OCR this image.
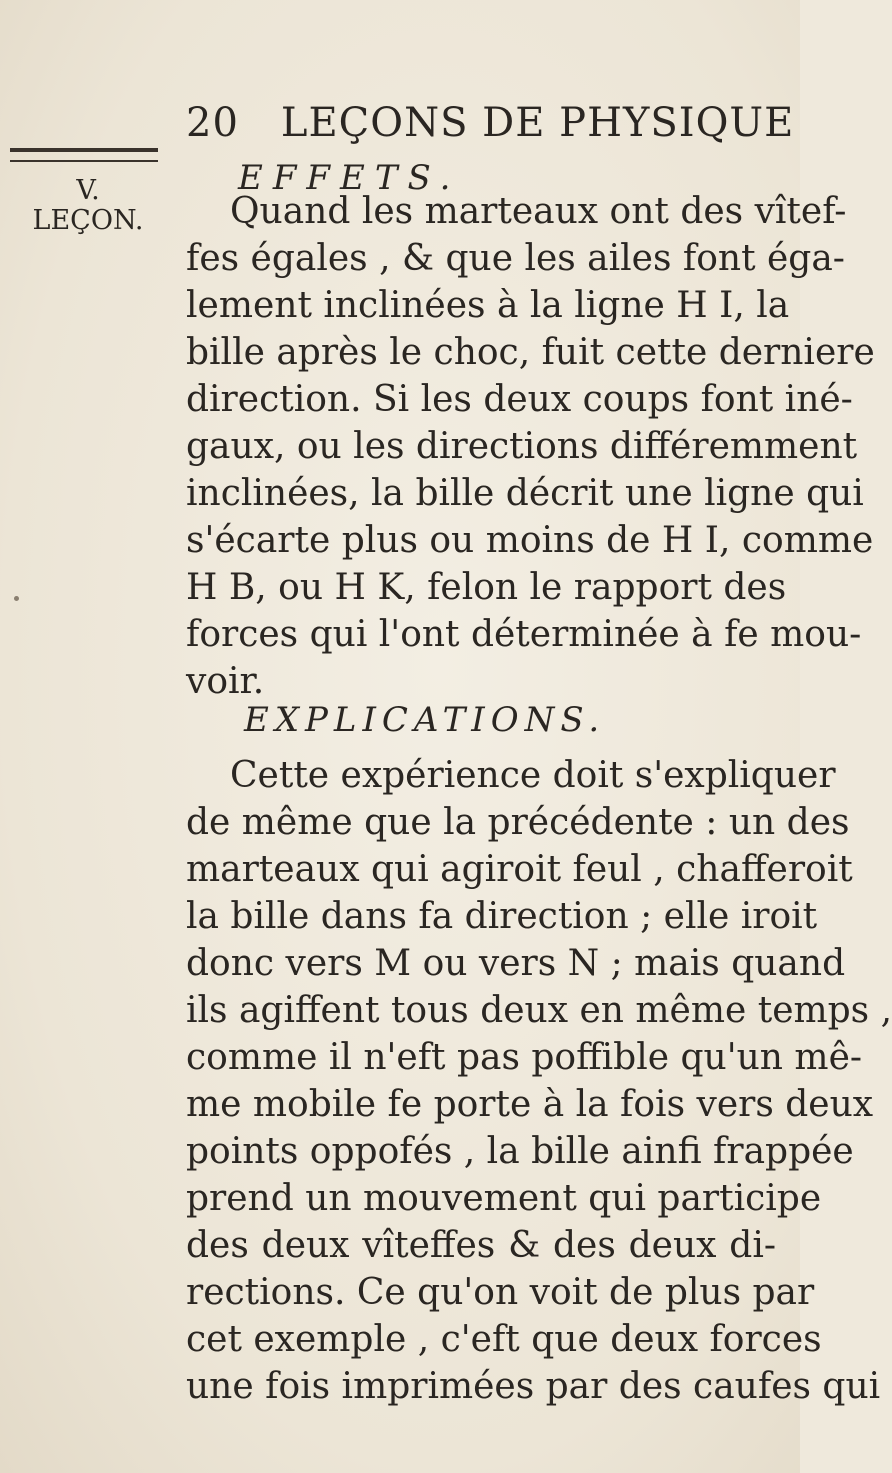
20 LEÇONS DE PHYSIQUE
V.
LEÇON.
EFFETS.
Quand les marteaux ont des vîtef-
fes égales , & que les ailes font éga-
lement inclinées à la ligne H I, la
bille après le choc, fuit cette derniere
direction. Si les deux coups font iné-
gaux, ou les directions différemment
inclinées, la bille décrit une ligne qui
s'écarte plus ou moins de H I, comme
H B, ou H K, felon le rapport des
forces qui l'ont déterminée à fe mou-
voir.
EXPLICATIONS.
Cette expérience doit s'expliquer
de même que la précédente : un des
marteaux qui agiroit feul , chafferoit
la bille dans fa direction ; elle iroit
donc vers M ou vers N ; mais quand
ils agiffent tous deux en même temps ,
comme il n'eft pas poffible qu'un mê-
me mobile fe porte à la fois vers deux
points oppofés , la bille ainfi frappée
prend un mouvement qui participe
des deux vîteffes & des deux di-
rections. Ce qu'on voit de plus par
cet exemple , c'eft que deux forces
une fois imprimées par des caufes qui
